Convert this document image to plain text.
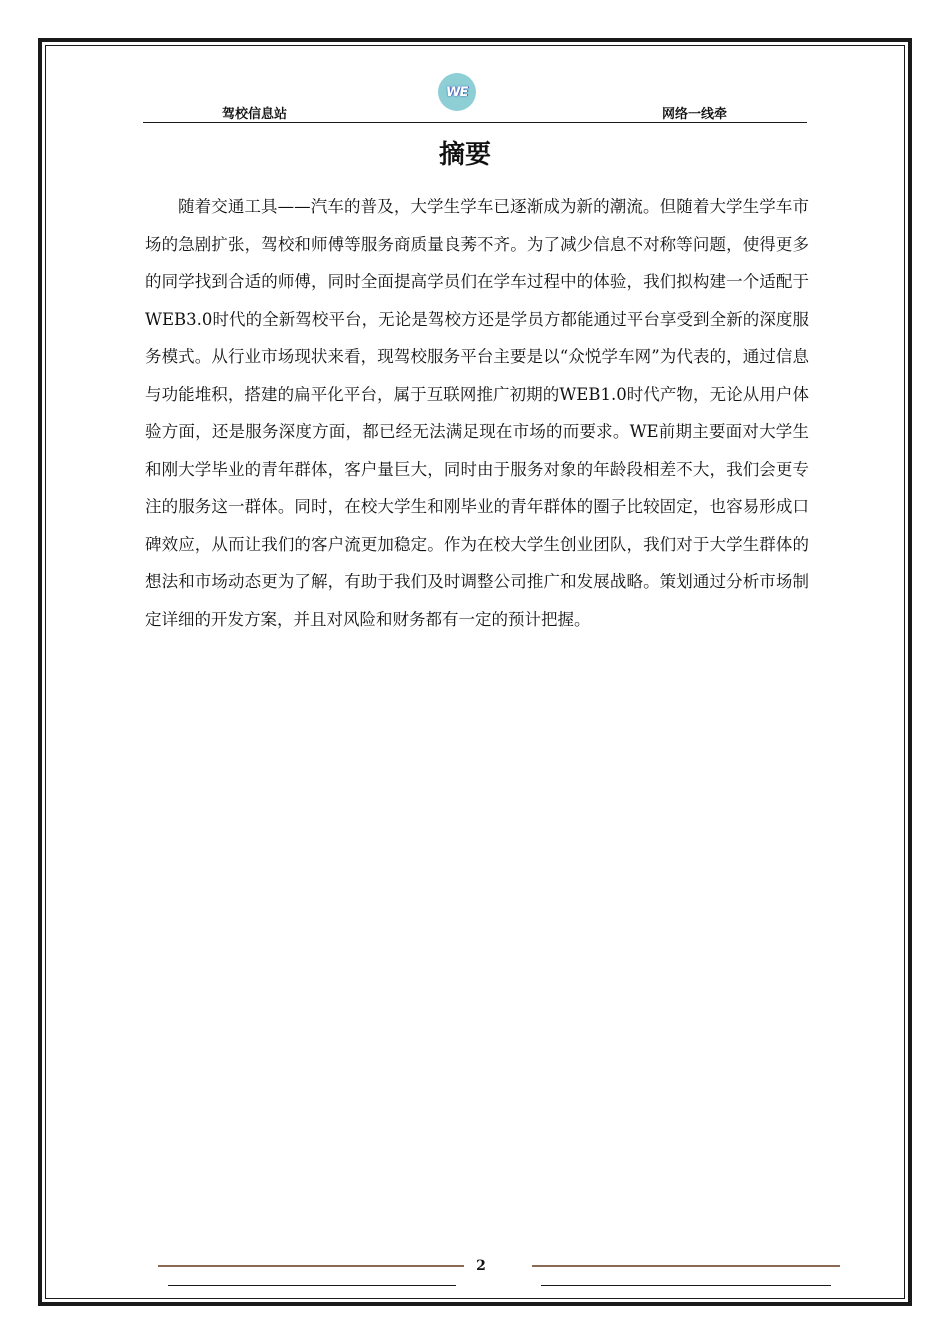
WE
驾校信息站	网络一线牵
摘要

随着交通工具——汽车的普及，大学生学车已逐渐成为新的潮流。但随着大学生学车市场的急剧扩张，驾校和师傅等服务商质量良莠不齐。为了减少信息不对称等问题，使得更多的同学找到合适的师傅，同时全面提高学员们在学车过程中的体验，我们拟构建一个适配于WEB3.0时代的全新驾校平台，无论是驾校方还是学员方都能通过平台享受到全新的深度服务模式。从行业市场现状来看，现驾校服务平台主要是以“众悦学车网”为代表的，通过信息与功能堆积，搭建的扁平化平台，属于互联网推广初期的WEB1.0时代产物，无论从用户体验方面，还是服务深度方面，都已经无法满足现在市场的而要求。WE前期主要面对大学生和刚大学毕业的青年群体，客户量巨大，同时由于服务对象的年龄段相差不大，我们会更专注的服务这一群体。同时，在校大学生和刚毕业的青年群体的圈子比较固定，也容易形成口碑效应，从而让我们的客户流更加稳定。作为在校大学生创业团队，我们对于大学生群体的想法和市场动态更为了解，有助于我们及时调整公司推广和发展战略。策划通过分析市场制定详细的开发方案，并且对风险和财务都有一定的预计把握。

2
